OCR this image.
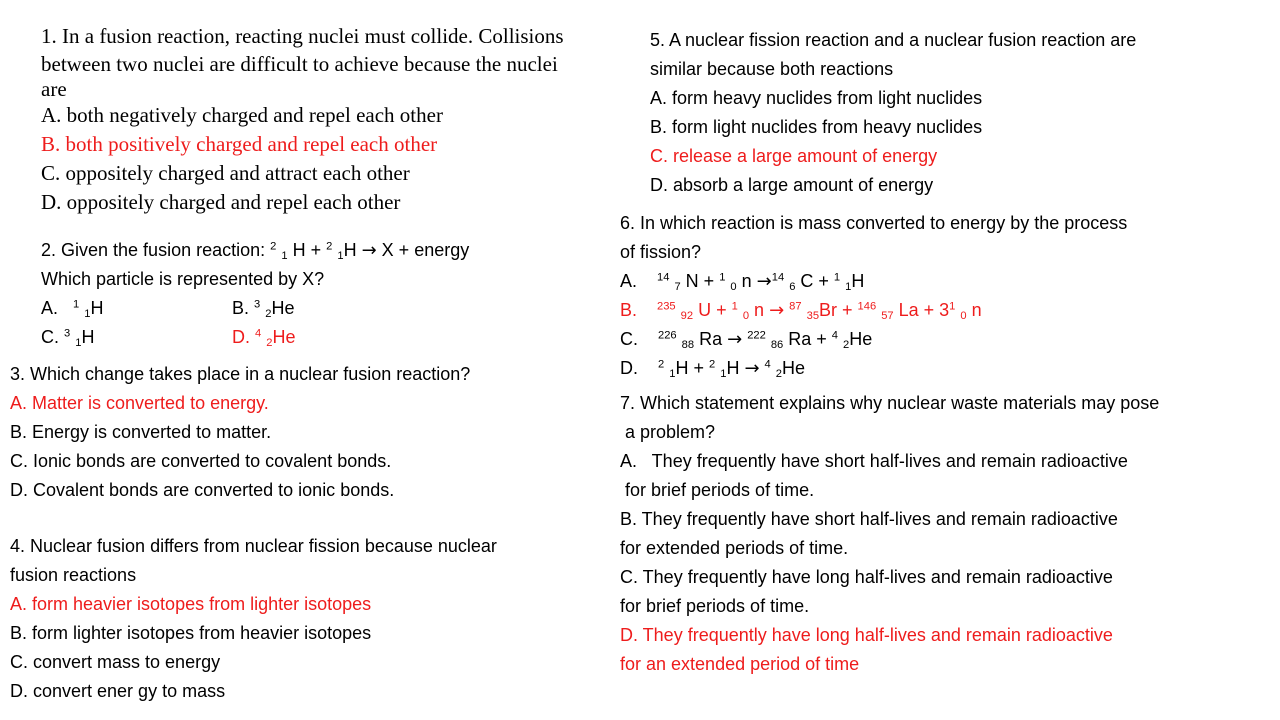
1. In a fusion reaction, reacting nuclei must collide. Collisions
between two nuclei are difficult to achieve because the nuclei
are
A. both negatively charged and repel each other
B. both positively charged and repel each other
C. oppositely charged and attract each other
D. oppositely charged and repel each other
2. Given the fusion reaction: $^2$ $_1$ H + $^2$ $_1$H → X + energy
Which particle is represented by X?
A.   $^1$ $_1$H	B. $^3$ $_2$He
C. $^3$ $_1$H	D. $^4$ $_2$He
3. Which change takes place in a nuclear fusion reaction?
A. Matter is converted to energy.
B. Energy is converted to matter.
C. Ionic bonds are converted to covalent bonds.
D. Covalent bonds are converted to ionic bonds.
4. Nuclear fusion differs from nuclear fission because nuclear
fusion reactions
A. form heavier isotopes from lighter isotopes
B. form lighter isotopes from heavier isotopes
C. convert mass to energy
D. convert ener gy to mass
5. A nuclear fission reaction and a nuclear fusion reaction are
similar because both reactions
A. form heavy nuclides from light nuclides
B. form light nuclides from heavy nuclides
C. release a large amount of energy
D. absorb a large amount of energy
6. In which reaction is mass converted to energy by the process
of fission?
A.    $^{14}$ $_7$ N + $^1$ $_0$ n →$^{14}$ $_6$ C + $^1$ $_1$H
B.    $^{235}$ $_{92}$ U + $^1$ $_0$ n → $^{87}$ $_{35}$Br + $^{146}$ $_{57}$ $La + 3^1$ $_0$ n
C.    $^{226}$ $_{88}$ Ra → $^{222}$ $_{86}$ Ra + $^4$ $_2$He
D.    $^2$ $_1$H + $^2$ $_1$H → $^4$ $_2$He
7. Which statement explains why nuclear waste materials may pose
a problem?
A.   They frequently have short half-lives and remain radioactive
for brief periods of time.
B. They frequently have short half-lives and remain radioactive
for extended periods of time.
C. They frequently have long half-lives and remain radioactive
for brief periods of time.
D. They frequently have long half-lives and remain radioactive
for an extended period of time
